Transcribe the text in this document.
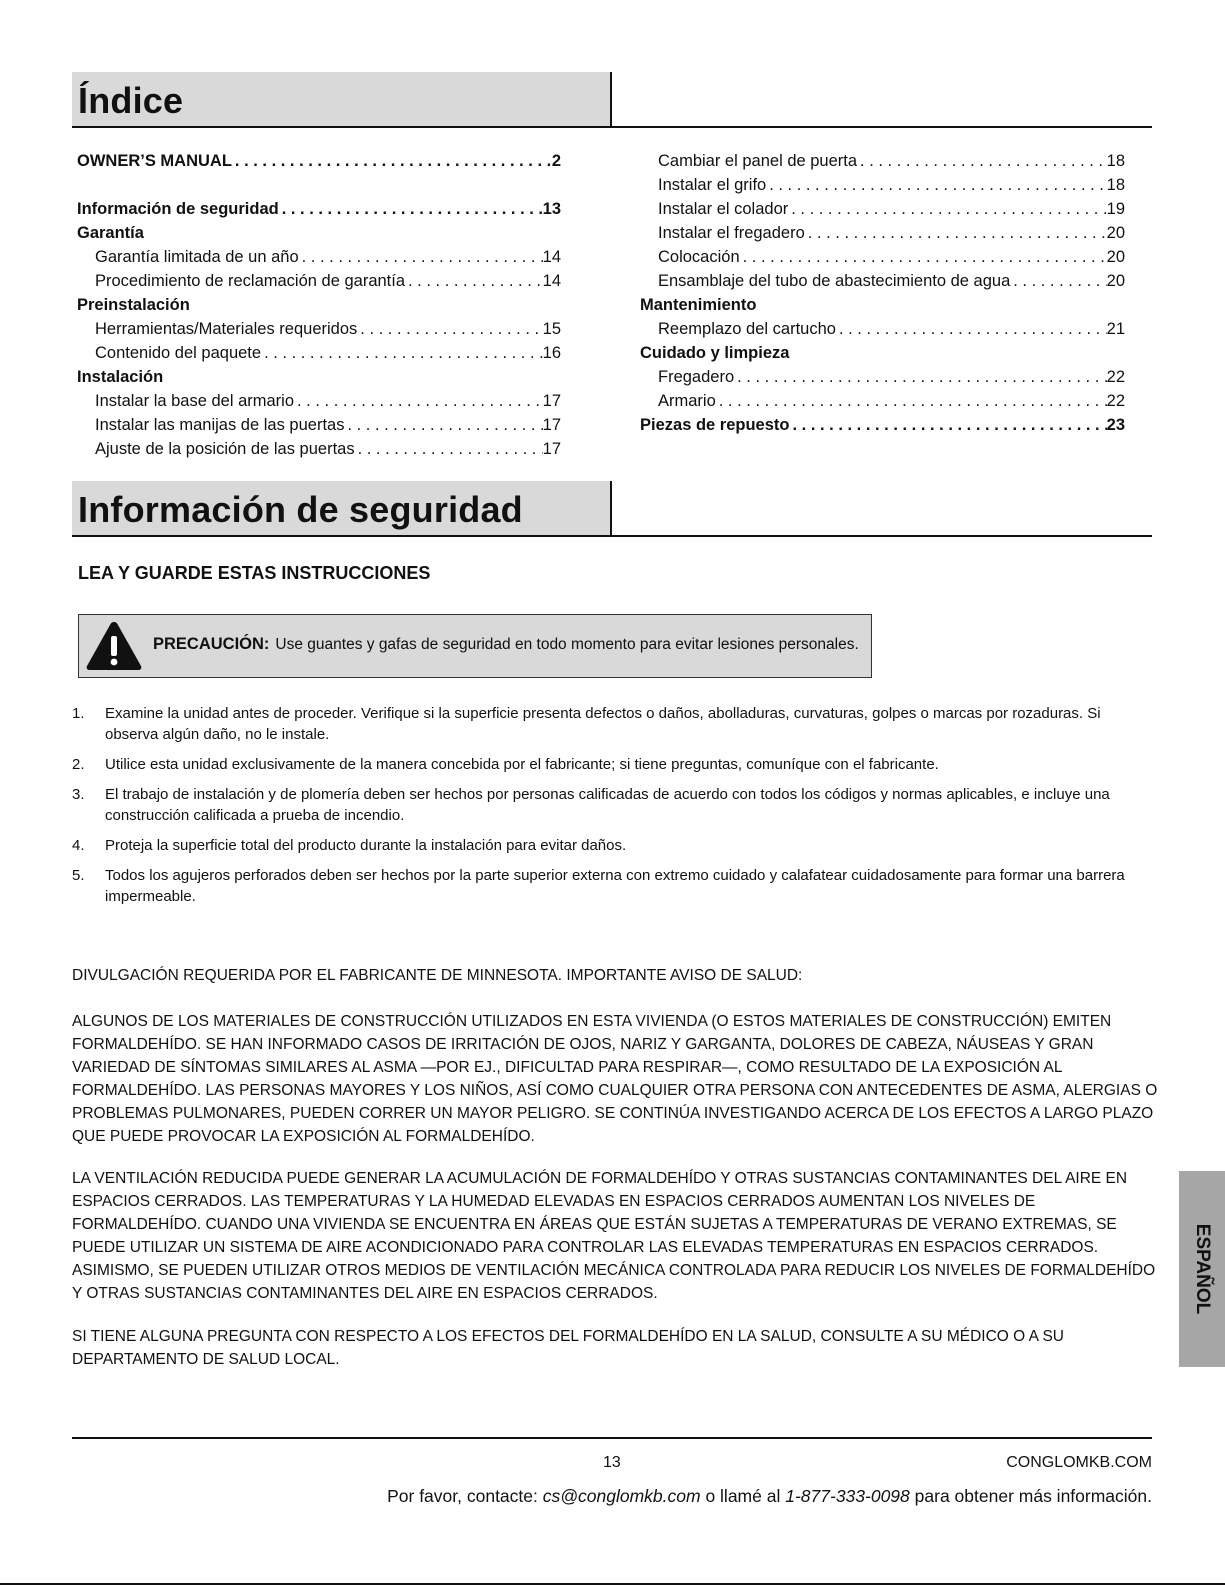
Índice
OWNER’S MANUAL . . .	2
Información de seguridad . . .	13
Garantía
Garantía limitada de un año . . .	14
Procedimiento de reclamación de garantía . . .	14
Preinstalación
Herramientas/Materiales requeridos . . .	15
Contenido del paquete . . .	16
Instalación
Instalar la base del armario . . .	17
Instalar las manijas de las puertas . . .	17
Ajuste de la posición de las puertas . . .	17
Cambiar el panel de puerta . . .	18
Instalar el grifo . . .	18
Instalar el colador . . .	19
Instalar el fregadero . . .	20
Colocación . . .	20
Ensamblaje del tubo de abastecimiento de agua . . .	20
Mantenimiento
Reemplazo del cartucho . . .	21
Cuidado y limpieza
Fregadero . . .	22
Armario . . .	22
Piezas de repuesto . . .	23
Información de seguridad
LEA Y GUARDE ESTAS INSTRUCCIONES
PRECAUCIÓN: Use guantes y gafas de seguridad en todo momento para evitar lesiones personales.
1. Examine la unidad antes de proceder. Verifique si la superficie presenta defectos o daños, abolladuras, curvaturas, golpes o marcas por rozaduras. Si observa algún daño, no le instale.
2. Utilice esta unidad exclusivamente de la manera concebida por el fabricante; si tiene preguntas, comuníque con el fabricante.
3. El trabajo de instalación y de plomería deben ser hechos por personas calificadas de acuerdo con todos los códigos y normas aplicables, e incluye una construcción calificada a prueba de incendio.
4. Proteja la superficie total del producto durante la instalación para evitar daños.
5. Todos los agujeros perforados deben ser hechos por la parte superior externa con extremo cuidado y calafatear cuidadosamente para formar una barrera impermeable.
DIVULGACIÓN REQUERIDA POR EL FABRICANTE DE MINNESOTA. IMPORTANTE AVISO DE SALUD:
ALGUNOS DE LOS MATERIALES DE CONSTRUCCIÓN UTILIZADOS EN ESTA VIVIENDA (O ESTOS MATERIALES DE CONSTRUCCIÓN) EMITEN FORMALDEHÍDO. SE HAN INFORMADO CASOS DE IRRITACIÓN DE OJOS, NARIZ Y GARGANTA, DOLORES DE CABEZA, NÁUSEAS Y GRAN VARIEDAD DE SÍNTOMAS SIMILARES AL ASMA —POR EJ., DIFICULTAD PARA RESPIRAR—, COMO RESULTADO DE LA EXPOSICIÓN AL FORMALDEHÍDO. LAS PERSONAS MAYORES Y LOS NIÑOS, ASÍ COMO CUALQUIER OTRA PERSONA CON ANTECEDENTES DE ASMA, ALERGIAS O PROBLEMAS PULMONARES, PUEDEN CORRER UN MAYOR PELIGRO. SE CONTINÚA INVESTIGANDO ACERCA DE LOS EFECTOS A LARGO PLAZO QUE PUEDE PROVOCAR LA EXPOSICIÓN AL FORMALDEHÍDO.
LA VENTILACIÓN REDUCIDA PUEDE GENERAR LA ACUMULACIÓN DE FORMALDEHÍDO Y OTRAS SUSTANCIAS CONTAMINANTES DEL AIRE EN ESPACIOS CERRADOS. LAS TEMPERATURAS Y LA HUMEDAD ELEVADAS EN ESPACIOS CERRADOS AUMENTAN LOS NIVELES DE FORMALDEHÍDO. CUANDO UNA VIVIENDA SE ENCUENTRA EN ÁREAS QUE ESTÁN SUJETAS A TEMPERATURAS DE VERANO EXTREMAS, SE PUEDE UTILIZAR UN SISTEMA DE AIRE ACONDICIONADO PARA CONTROLAR LAS ELEVADAS TEMPERATURAS EN ESPACIOS CERRADOS. ASIMISMO, SE PUEDEN UTILIZAR OTROS MEDIOS DE VENTILACIÓN MECÁNICA CONTROLADA PARA REDUCIR LOS NIVELES DE FORMALDEHÍDO Y OTRAS SUSTANCIAS CONTAMINANTES DEL AIRE EN ESPACIOS CERRADOS.
SI TIENE ALGUNA PREGUNTA CON RESPECTO A LOS EFECTOS DEL FORMALDEHÍDO EN LA SALUD, CONSULTE A SU MÉDICO O A SU DEPARTAMENTO DE SALUD LOCAL.
ESPAÑOL
13	CONGLOMKB.COM
Por favor, contacte: cs@conglomkb.com o llamé al 1-877-333-0098 para obtener más información.
